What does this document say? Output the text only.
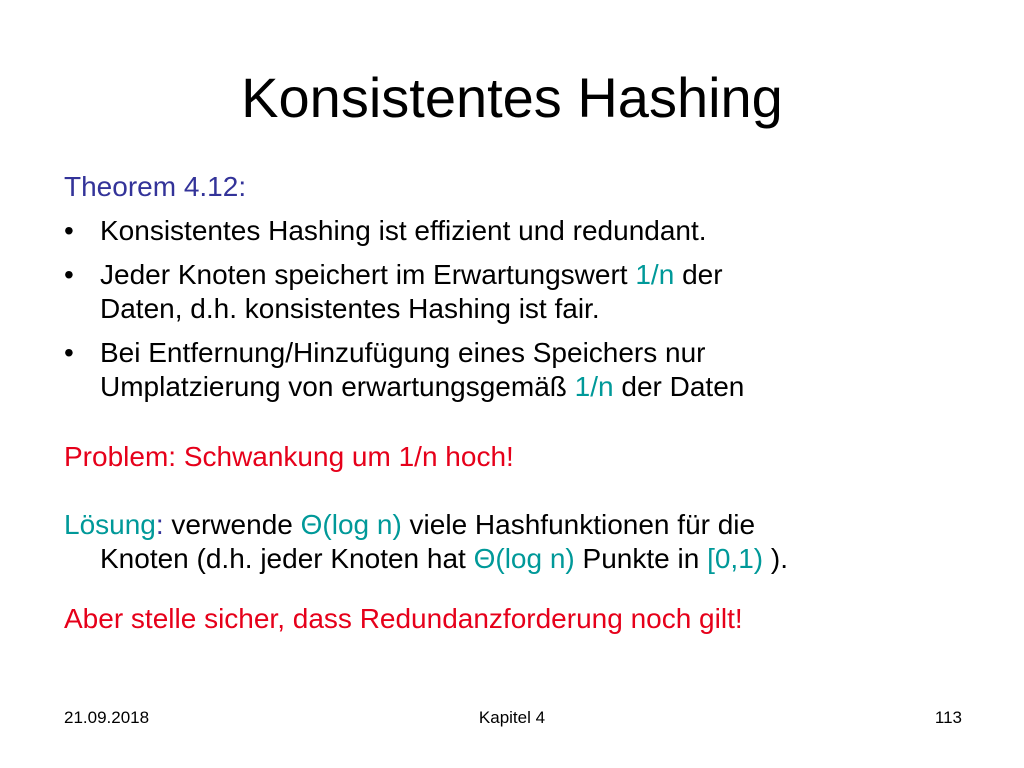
Konsistentes Hashing
Theorem 4.12:
• Konsistentes Hashing ist effizient und redundant.
• Jeder Knoten speichert im Erwartungswert 1/n der
Daten, d.h. konsistentes Hashing ist fair.
• Bei Entfernung/Hinzufügung eines Speichers nur
Umplatzierung von erwartungsgemäß 1/n der Daten
Problem: Schwankung um 1/n hoch!
Lösung: verwende Θ(log n) viele Hashfunktionen für die
Knoten (d.h. jeder Knoten hat Θ(log n) Punkte in [0,1) ).
Aber stelle sicher, dass Redundanzforderung noch gilt!
21.09.2018	Kapitel 4	113
